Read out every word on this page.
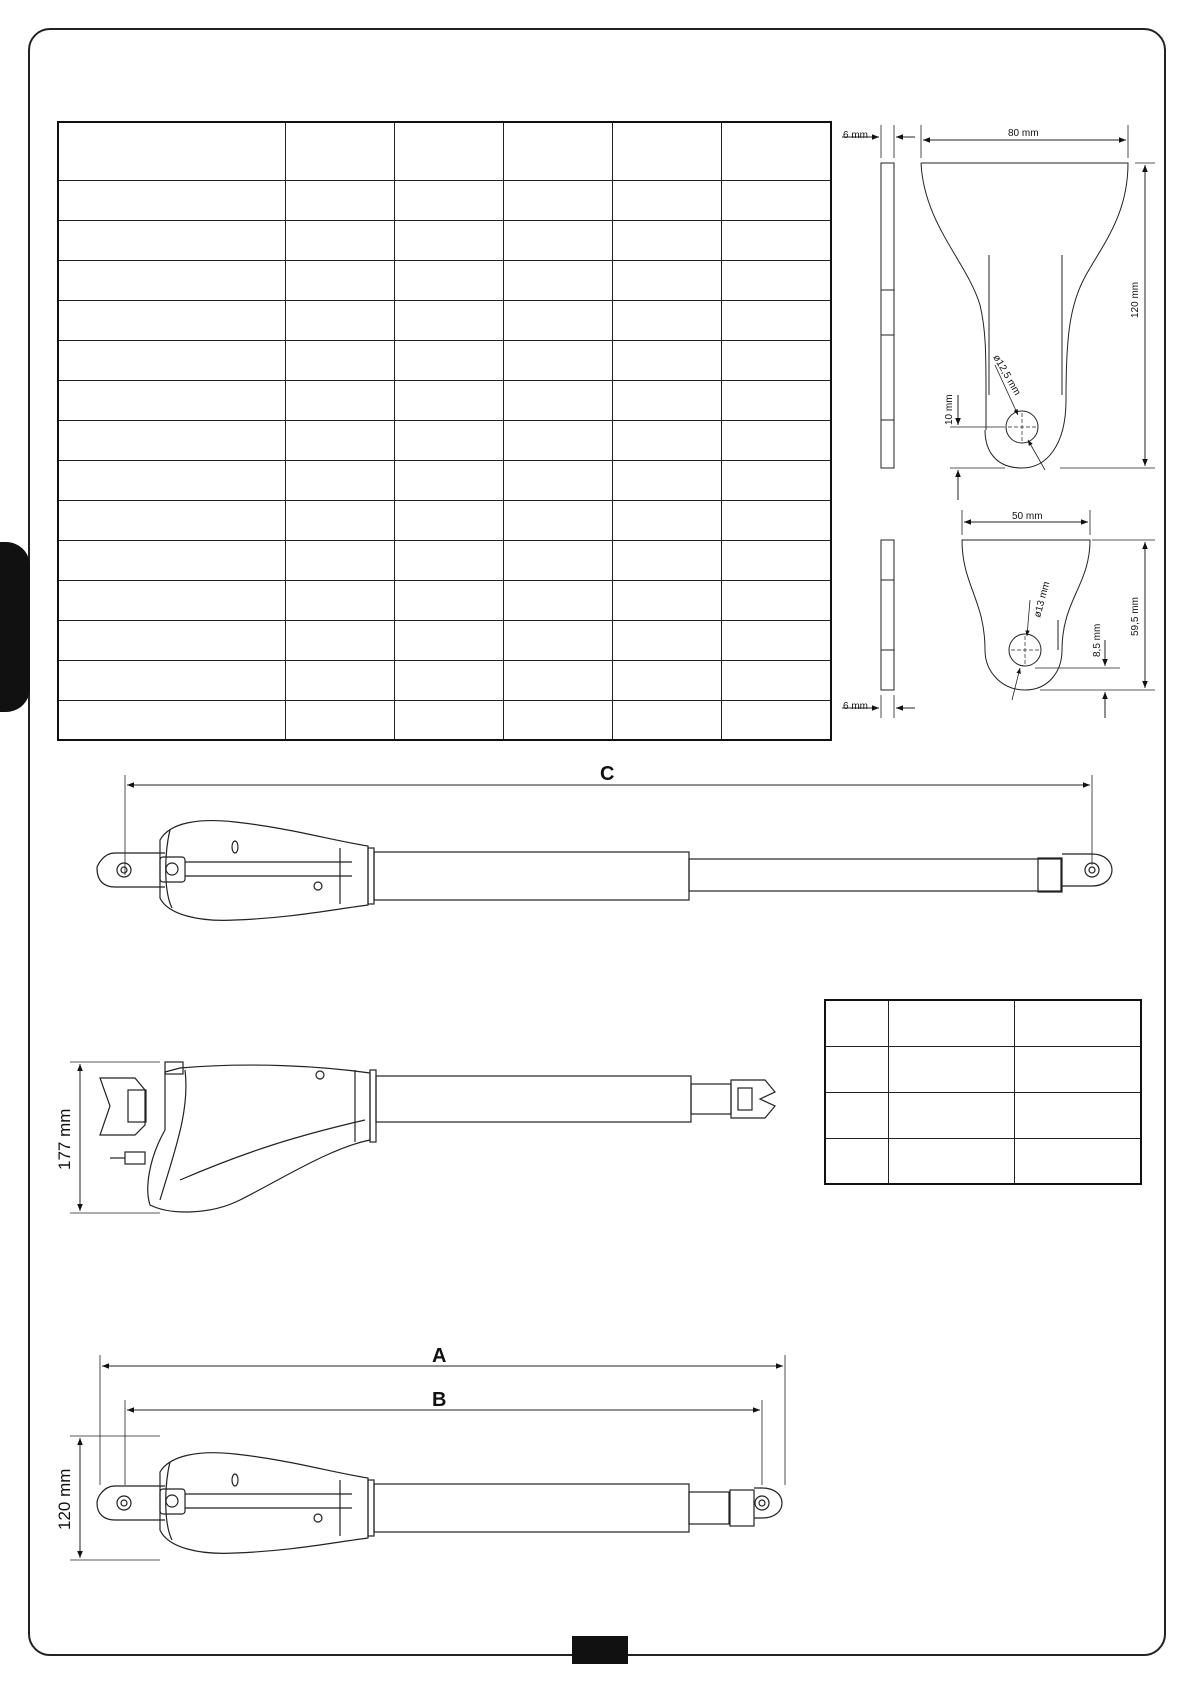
6 mm	80 mm
120 mm
ø12,5 mm
10 mm
6 mm
50 mm
59,5 mm
ø13 mm
8,5 mm
C
177 mm
A
B
120 mm
